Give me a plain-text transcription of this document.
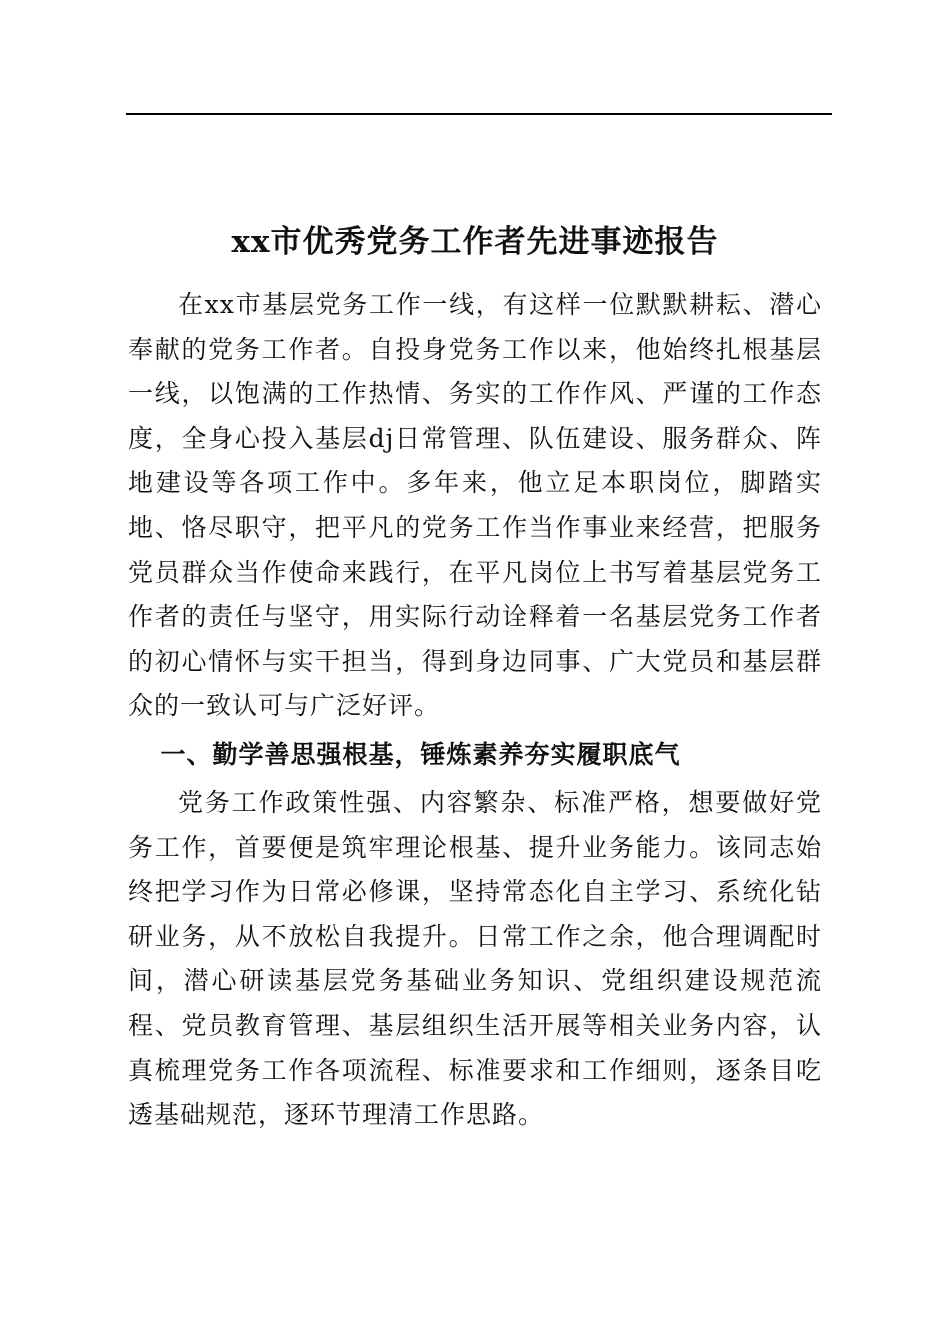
xx市优秀党务工作者先进事迹报告

在xx市基层党务工作一线，有这样一位默默耕耘、潜心奉献的党务工作者。自投身党务工作以来，他始终扎根基层一线，以饱满的工作热情、务实的工作作风、严谨的工作态度，全身心投入基层dj日常管理、队伍建设、服务群众、阵地建设等各项工作中。多年来，他立足本职岗位，脚踏实地、恪尽职守，把平凡的党务工作当作事业来经营，把服务党员群众当作使命来践行，在平凡岗位上书写着基层党务工作者的责任与坚守，用实际行动诠释着一名基层党务工作者的初心情怀与实干担当，得到身边同事、广大党员和基层群众的一致认可与广泛好评。

一、勤学善思强根基，锤炼素养夯实履职底气

党务工作政策性强、内容繁杂、标准严格，想要做好党务工作，首要便是筑牢理论根基、提升业务能力。该同志始终把学习作为日常必修课，坚持常态化自主学习、系统化钻研业务，从不放松自我提升。日常工作之余，他合理调配时间，潜心研读基层党务基础业务知识、党组织建设规范流程、党员教育管理、基层组织生活开展等相关业务内容，认真梳理党务工作各项流程、标准要求和工作细则，逐条目吃透基础规范，逐环节理清工作思路。
